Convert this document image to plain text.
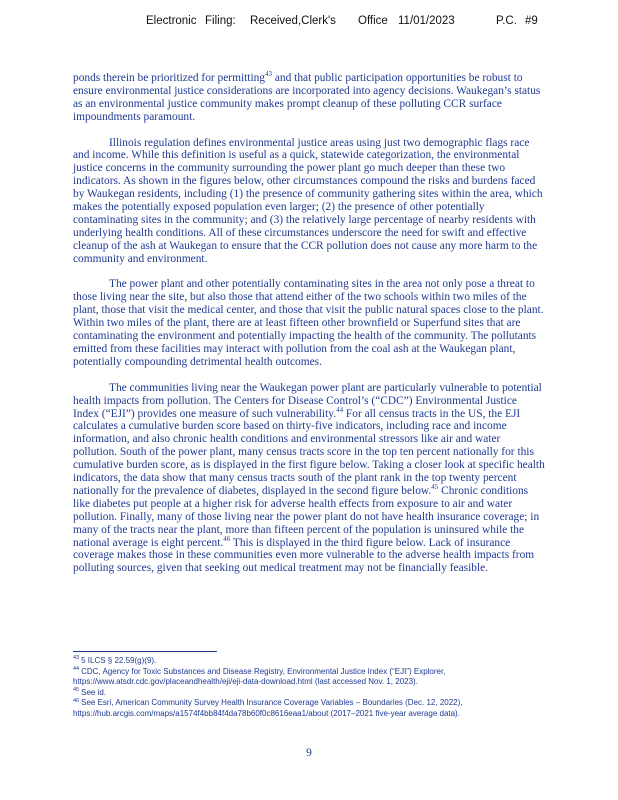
Electronic Filing: Received,Clerk's Office 11/01/2023	P.C. #9

ponds therein be prioritized for permitting$^{43}$ and that public participation opportunities be robust to ensure environmental justice considerations are incorporated into agency decisions. Waukegan’s status as an environmental justice community makes prompt cleanup of these polluting CCR surface impoundments paramount.

Illinois regulation defines environmental justice areas using just two demographic flags race and income. While this definition is useful as a quick, statewide categorization, the environmental justice concerns in the community surrounding the power plant go much deeper than these two indicators. As shown in the figures below, other circumstances compound the risks and burdens faced by Waukegan residents, including (1) the presence of community gathering sites within the area, which makes the potentially exposed population even larger; (2) the presence of other potentially contaminating sites in the community; and (3) the relatively large percentage of nearby residents with underlying health conditions. All of these circumstances underscore the need for swift and effective cleanup of the ash at Waukegan to ensure that the CCR pollution does not cause any more harm to the community and environment.

The power plant and other potentially contaminating sites in the area not only pose a threat to those living near the site, but also those that attend either of the two schools within two miles of the plant, those that visit the medical center, and those that visit the public natural spaces close to the plant. Within two miles of the plant, there are at least fifteen other brownfield or Superfund sites that are contaminating the environment and potentially impacting the health of the community. The pollutants emitted from these facilities may interact with pollution from the coal ash at the Waukegan plant, potentially compounding detrimental health outcomes.

The communities living near the Waukegan power plant are particularly vulnerable to potential health impacts from pollution. The Centers for Disease Control’s (“CDC”) Environmental Justice Index (“EJI”) provides one measure of such vulnerability.$^{44}$ For all census tracts in the US, the EJI calculates a cumulative burden score based on thirty-five indicators, including race and income information, and also chronic health conditions and environmental stressors like air and water pollution. South of the power plant, many census tracts score in the top ten percent nationally for this cumulative burden score, as is displayed in the first figure below. Taking a closer look at specific health indicators, the data show that many census tracts south of the plant rank in the top twenty percent nationally for the prevalence of diabetes, displayed in the second figure below.$^{45}$ Chronic conditions like diabetes put people at a higher risk for adverse health effects from exposure to air and water pollution. Finally, many of those living near the power plant do not have health insurance coverage; in many of the tracts near the plant, more than fifteen percent of the population is uninsured while the national average is eight percent.$^{46}$ This is displayed in the third figure below. Lack of insurance coverage makes those in these communities even more vulnerable to the adverse health impacts from polluting sources, given that seeking out medical treatment may not be financially feasible.

$^{43}$ 5 ILCS § 22.59(g)(9).
$^{44}$ CDC, Agency for Toxic Substances and Disease Registry, Environmental Justice Index (“EJI”) Explorer,
https://www.atsdr.cdc.gov/placeandhealth/eji/eji-data-download.html (last accessed Nov. 1, 2023).
$^{45}$ See id.
$^{46}$ See Esri, American Community Survey Health Insurance Coverage Variables – Boundaries (Dec. 12, 2022),
https://hub.arcgis.com/maps/a1574f4bb84f4da78b60f0c8616eaa1/about (2017–2021 five-year average data).
9
